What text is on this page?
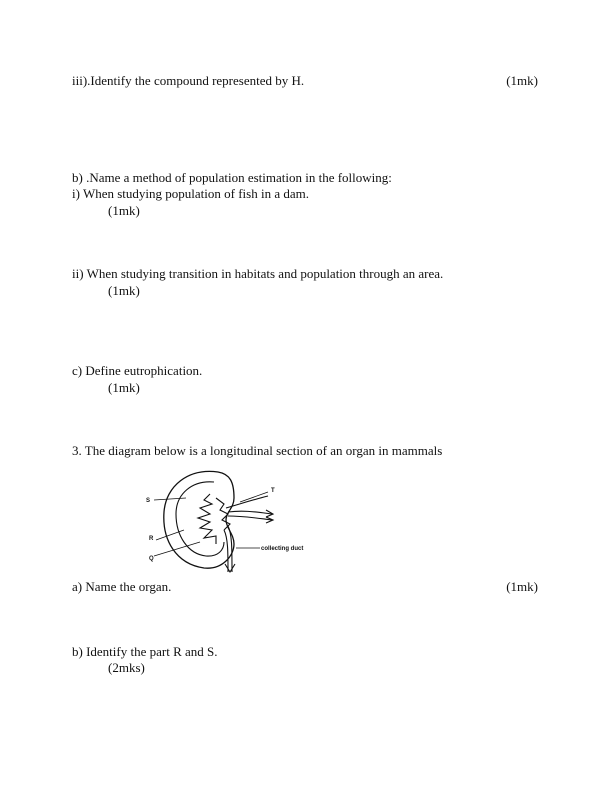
iii).Identify the compound represented by H.	(1mk)
b) .Name a method of population estimation in the following:
i) When studying population of fish in a dam.
(1mk)
ii) When studying transition in habitats and population through an area.
(1mk)
c) Define eutrophication.
(1mk)
3. The diagram below is a longitudinal section of an organ in mammals
T
S
R
Q
collecting duct
a) Name the organ.	(1mk)
b) Identify the part R and S.
(2mks)
